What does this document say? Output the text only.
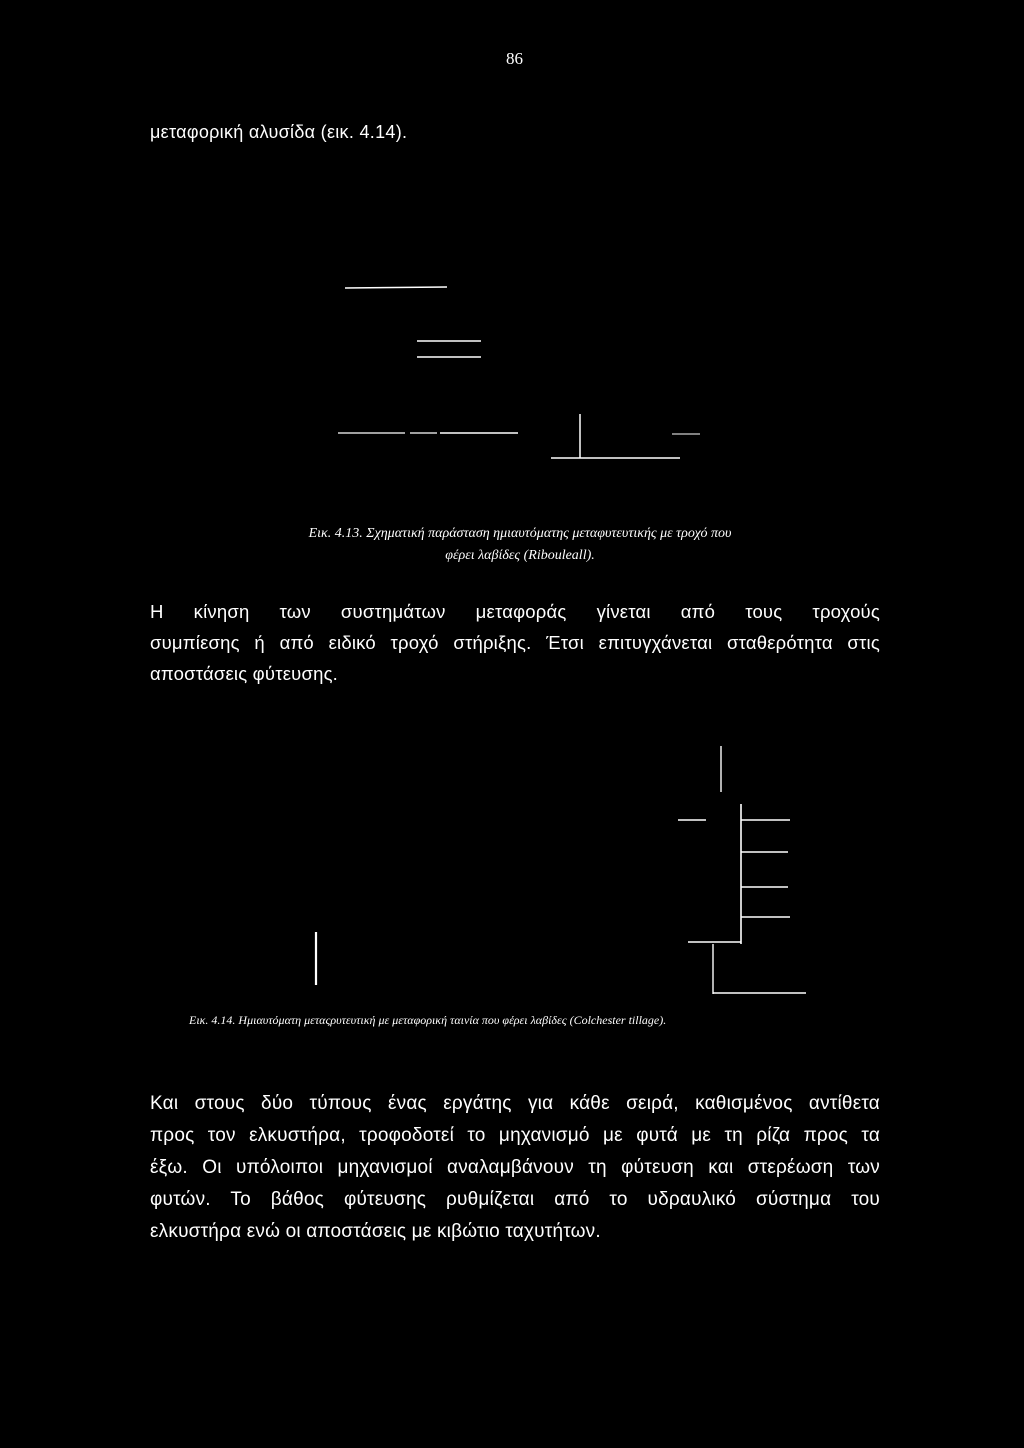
86
μεταφορική αλυσίδα (εικ. 4.14).
Εικ. 4.13. Σχηματική παράσταση ημιαυτόματης μεταφυτευτικής με τροχό που
φέρει λαβίδες (Ribouleall).
Η κίνηση των συστημάτων μεταφοράς γίνεται από τους τροχούς
συμπίεσης ή από ειδικό τροχό στήριξης. Έτσι επιτυγχάνεται σταθερότητα στις
αποστάσεις φύτευσης.
Εικ. 4.14. Ημιαυτόματη μεταςρυτευτική με μεταφορική ταινία που φέρει λαβίδες (Colchester tillage).
Και στους δύο τύπους ένας εργάτης για κάθε σειρά, καθισμένος αντίθετα
προς τον ελκυστήρα, τροφοδοτεί το μηχανισμό με φυτά με τη ρίζα προς τα
έξω. Οι υπόλοιποι μηχανισμοί αναλαμβάνουν τη φύτευση και στερέωση των
φυτών. Το βάθος φύτευσης ρυθμίζεται από το υδραυλικό σύστημα του
ελκυστήρα ενώ οι αποστάσεις με κιβώτιο ταχυτήτων.
